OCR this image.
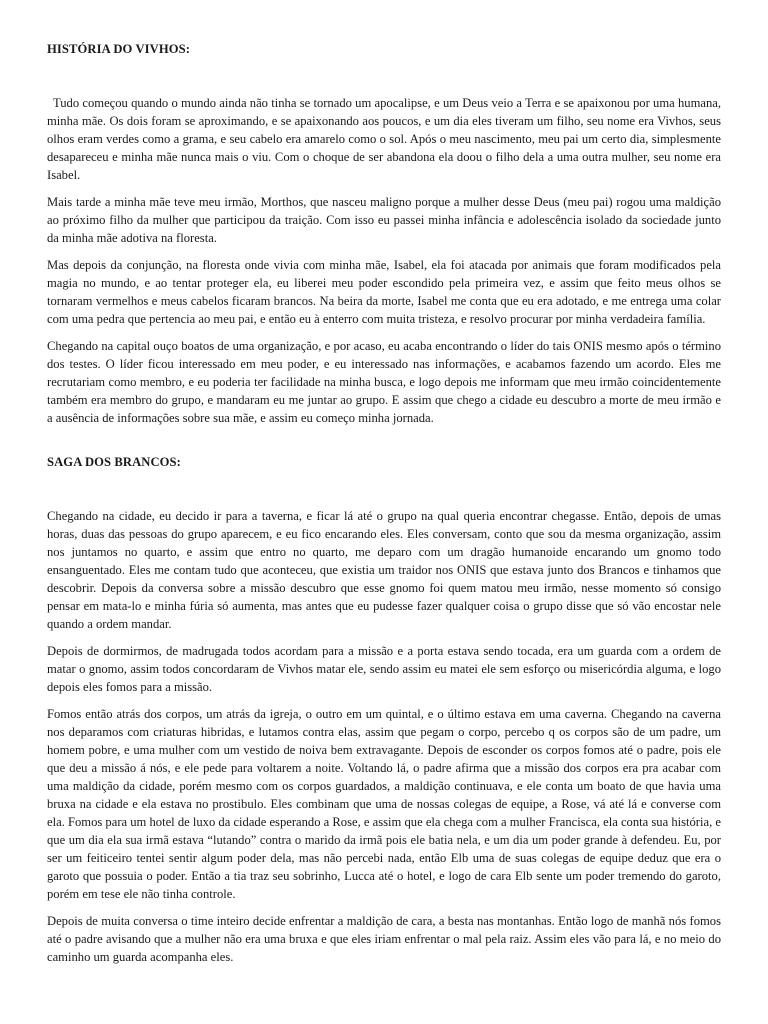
HISTÓRIA DO VIVHOS:

Tudo começou quando o mundo ainda não tinha se tornado um apocalipse, e um Deus veio a Terra e se apaixonou por uma humana, minha mãe. Os dois foram se aproximando, e se apaixonando aos poucos, e um dia eles tiveram um filho, seu nome era Vivhos, seus olhos eram verdes como a grama, e seu cabelo era amarelo como o sol. Após o meu nascimento, meu pai um certo dia, simplesmente desapareceu e minha mãe nunca mais o viu. Com o choque de ser abandona ela doou o filho dela a uma outra mulher, seu nome era Isabel.

Mais tarde a minha mãe teve meu irmão, Morthos, que nasceu maligno porque a mulher desse Deus (meu pai) rogou uma maldição ao próximo filho da mulher que participou da traição. Com isso eu passei minha infância e adolescência isolado da sociedade junto da minha mãe adotiva na floresta.

Mas depois da conjunção, na floresta onde vivia com minha mãe, Isabel, ela foi atacada por animais que foram modificados pela magia no mundo, e ao tentar proteger ela, eu liberei meu poder escondido pela primeira vez, e assim que feito meus olhos se tornaram vermelhos e meus cabelos ficaram brancos. Na beira da morte, Isabel me conta que eu era adotado, e me entrega uma colar com uma pedra que pertencia ao meu pai, e então eu à enterro com muita tristeza, e resolvo procurar por minha verdadeira família.

Chegando na capital ouço boatos de uma organização, e por acaso, eu acaba encontrando o líder do tais ONIS mesmo após o término dos testes. O líder ficou interessado em meu poder, e eu interessado nas informações, e acabamos fazendo um acordo. Eles me recrutariam como membro, e eu poderia ter facilidade na minha busca, e logo depois me informam que meu irmão coincidentemente também era membro do grupo, e mandaram eu me juntar ao grupo. E assim que chego a cidade eu descubro a morte de meu irmão e a ausência de informações sobre sua mãe, e assim eu começo minha jornada.

SAGA DOS BRANCOS:

Chegando na cidade, eu decido ir para a taverna, e ficar lá até o grupo na qual queria encontrar chegasse. Então, depois de umas horas, duas das pessoas do grupo aparecem, e eu fico encarando eles. Eles conversam, conto que sou da mesma organização, assim nos juntamos no quarto, e assim que entro no quarto, me deparo com um dragão humanoide encarando um gnomo todo ensanguentado. Eles me contam tudo que aconteceu, que existia um traidor nos ONIS que estava junto dos Brancos e tinhamos que descobrir. Depois da conversa sobre a missão descubro que esse gnomo foi quem matou meu irmão, nesse momento só consigo pensar em mata-lo e minha fúria só aumenta, mas antes que eu pudesse fazer qualquer coisa o grupo disse que só vão encostar nele quando a ordem mandar.

Depois de dormirmos, de madrugada todos acordam para a missão e a porta estava sendo tocada, era um guarda com a ordem de matar o gnomo, assim todos concordaram de Vivhos matar ele, sendo assim eu matei ele sem esforço ou misericórdia alguma, e logo depois eles fomos para a missão.

Fomos então atrás dos corpos, um atrás da igreja, o outro em um quintal, e o último estava em uma caverna. Chegando na caverna nos deparamos com criaturas hibridas, e lutamos contra elas, assim que pegam o corpo, percebo q os corpos são de um padre, um homem pobre, e uma mulher com um vestido de noiva bem extravagante. Depois de esconder os corpos fomos até o padre, pois ele que deu a missão á nós, e ele pede para voltarem a noite. Voltando lá, o padre afirma que a missão dos corpos era pra acabar com uma maldição da cidade, porém mesmo com os corpos guardados, a maldição continuava, e ele conta um boato de que havia uma bruxa na cidade e ela estava no prostibulo. Eles combinam que uma de nossas colegas de equipe, a Rose, vá até lá e converse com ela. Fomos para um hotel de luxo da cidade esperando a Rose, e assim que ela chega com a mulher Francisca, ela conta sua história, e que um dia ela sua irmã estava “lutando” contra o marido da irmã pois ele batia nela, e um dia um poder grande à defendeu. Eu, por ser um feiticeiro tentei sentir algum poder dela, mas não percebi nada, então Elb uma de suas colegas de equipe deduz que era o garoto que possuia o poder. Então a tia traz seu sobrinho, Lucca até o hotel, e logo de cara Elb sente um poder tremendo do garoto, porém em tese ele não tinha controle.

Depois de muita conversa o time inteiro decide enfrentar a maldição de cara, a besta nas montanhas. Então logo de manhã nós fomos até o padre avisando que a mulher não era uma bruxa e que eles iriam enfrentar o mal pela raiz. Assim eles vão para lá, e no meio do caminho um guarda acompanha eles.
